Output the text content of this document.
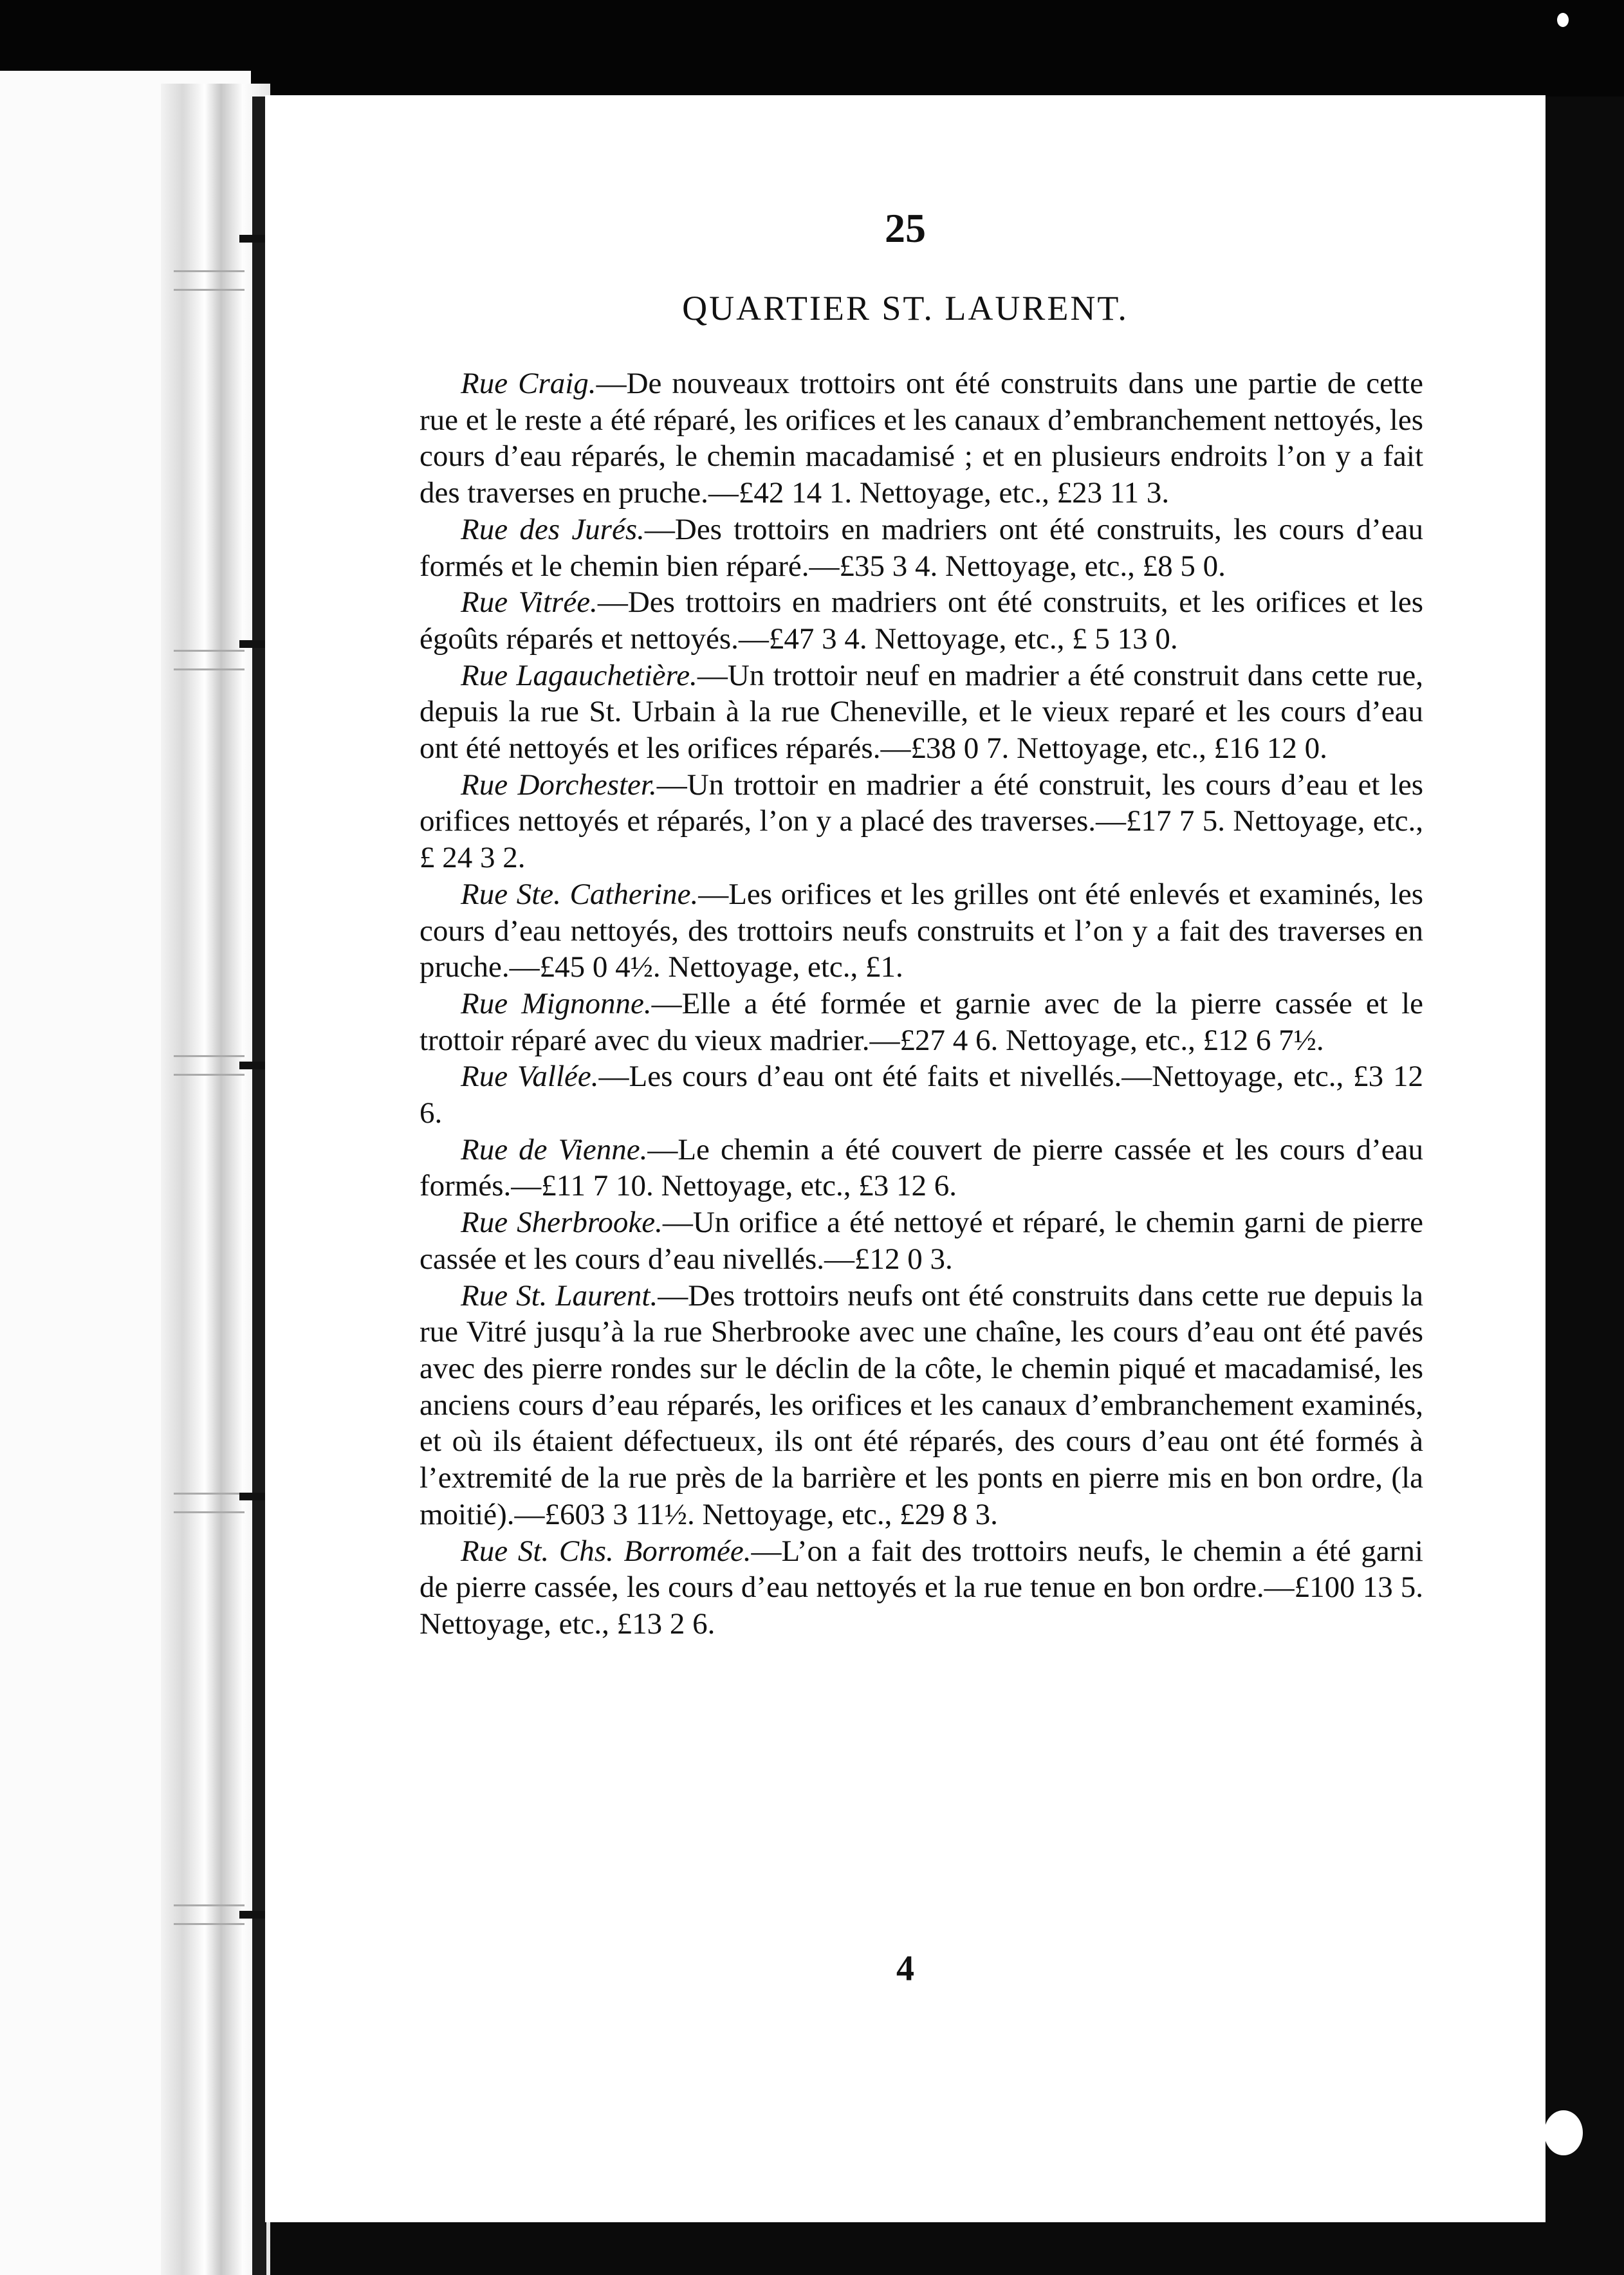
25
QUARTIER ST. LAURENT.

Rue Craig.—De nouveaux trottoirs ont été construits dans une partie de cette rue et le reste a été réparé, les orifices et les canaux d’embranchement nettoyés, les cours d’eau réparés, le chemin macadamisé ; et en plusieurs endroits l’on y a fait des traverses en pruche.—£42 14 1. Nettoyage, etc., £23 11 3.

Rue des Jurés.—Des trottoirs en madriers ont été construits, les cours d’eau formés et le chemin bien réparé.—£35 3 4. Nettoyage, etc., £8 5 0.

Rue Vitrée.—Des trottoirs en madriers ont été construits, et les orifices et les égoûts réparés et nettoyés.—£47 3 4. Nettoyage, etc., £ 5 13 0.

Rue Lagauchetière.—Un trottoir neuf en madrier a été construit dans cette rue, depuis la rue St. Urbain à la rue Cheneville, et le vieux reparé et les cours d’eau ont été nettoyés et les orifices réparés.—£38 0 7. Nettoyage, etc., £16 12 0.

Rue Dorchester.—Un trottoir en madrier a été construit, les cours d’eau et les orifices nettoyés et réparés, l’on y a placé des traverses.—£17 7 5. Nettoyage, etc.,£ 24 3 2.

Rue Ste. Catherine.—Les orifices et les grilles ont été enlevés et examinés, les cours d’eau nettoyés, des trottoirs neufs construits et l’on y a fait des traverses en pruche.—£45 0 4½. Nettoyage, etc., £1.

Rue Mignonne.—Elle a été formée et garnie avec de la pierre cassée et le trottoir réparé avec du vieux madrier.—£27 4 6. Nettoyage, etc., £12 6 7½.

Rue Vallée.—Les cours d’eau ont été faits et nivellés.—Nettoyage, etc., £3 12 6.

Rue de Vienne.—Le chemin a été couvert de pierre cassée et les cours d’eau formés.—£11 7 10. Nettoyage, etc., £3 12 6.

Rue Sherbrooke.—Un orifice a été nettoyé et réparé, le chemin garni de pierre cassée et les cours d’eau nivellés.—£12 0 3.

Rue St. Laurent.—Des trottoirs neufs ont été construits dans cette rue depuis la rue Vitré jusqu’à la rue Sherbrooke avec une chaîne, les cours d’eau ont été pavés avec des pierre rondes sur le déclin de la côte, le chemin piqué et macadamisé, les anciens cours d’eau réparés, les orifices et les canaux d’embranchement examinés, et où ils étaient défectueux, ils ont été réparés, des cours d’eau ont été formés à l’extremité de la rue près de la barrière et les ponts en pierre mis en bon ordre, (la moitié).—£603 3 11½. Nettoyage, etc., £29 8 3.

Rue St. Chs. Borromée.—L’on a fait des trottoirs neufs, le chemin a été garni de pierre cassée, les cours d’eau nettoyés et la rue tenue en bon ordre.—£100 13 5. Nettoyage, etc., £13 2 6.

4
